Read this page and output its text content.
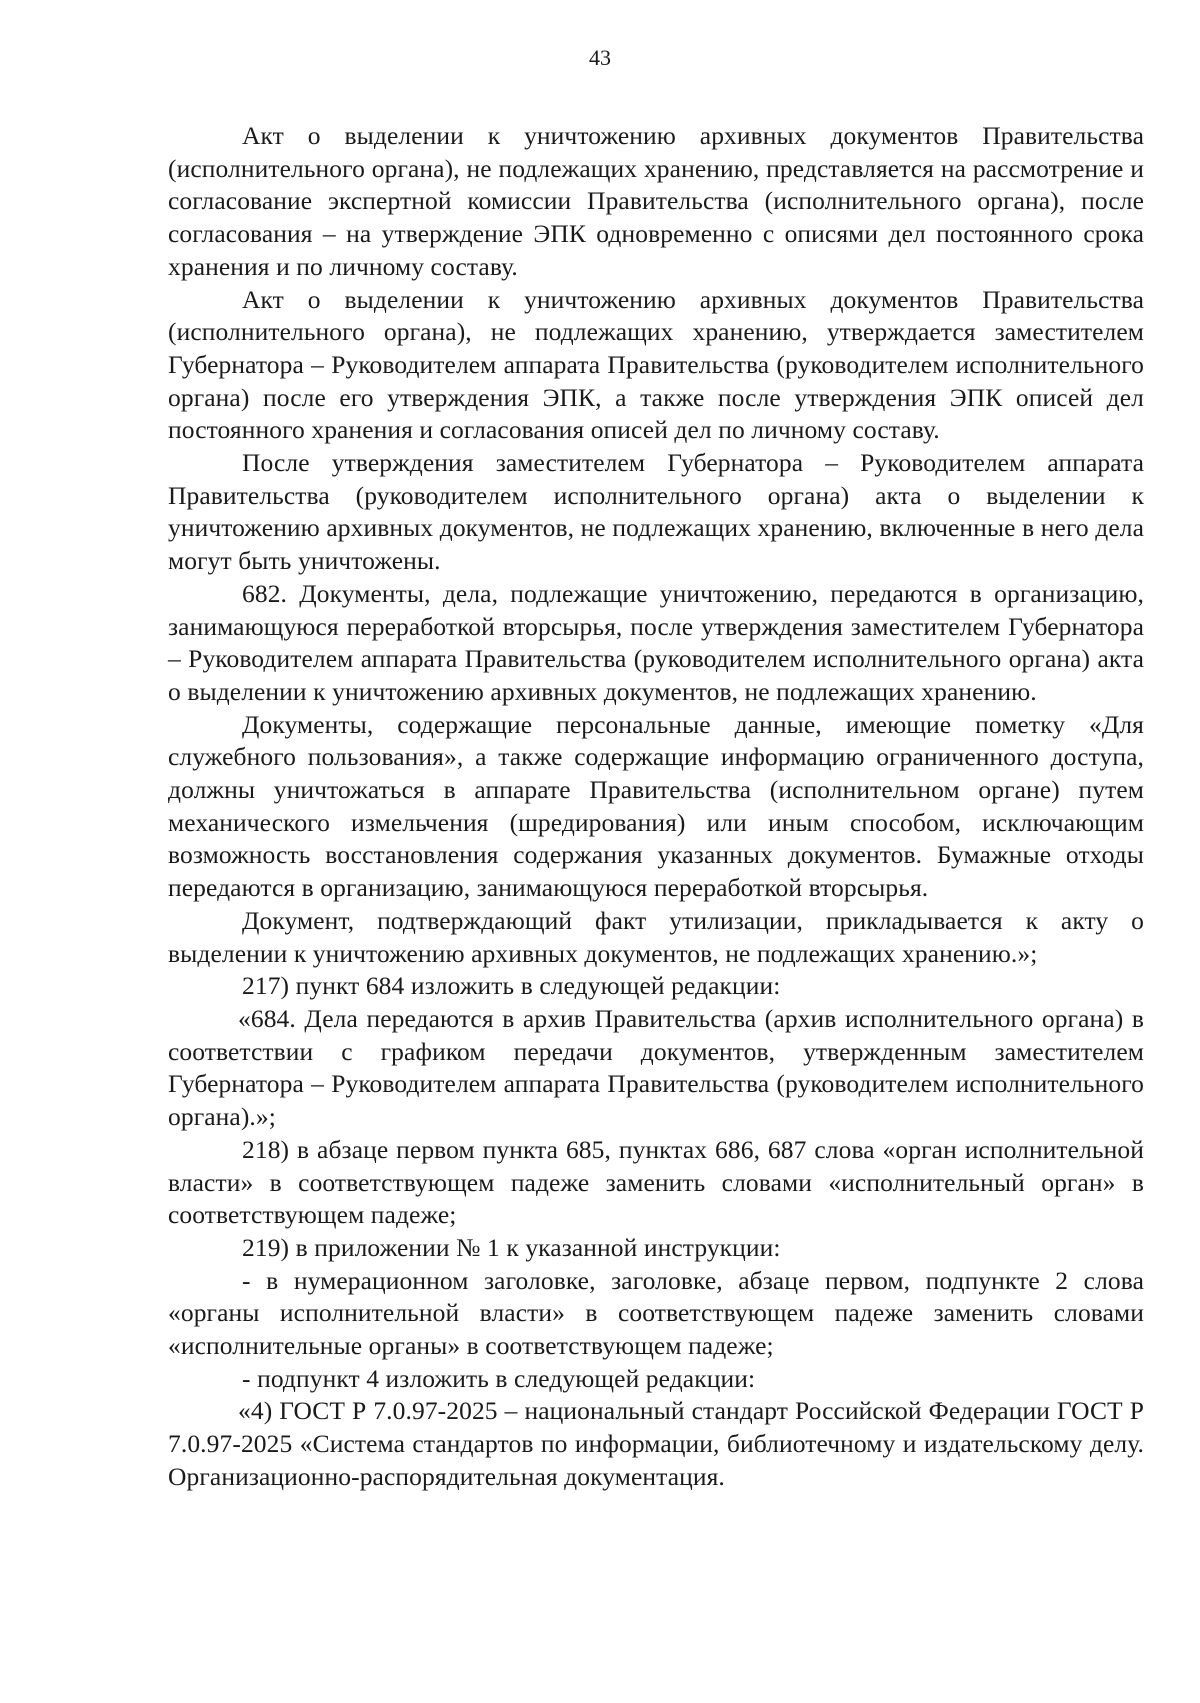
43

Акт о выделении к уничтожению архивных документов Правительства (исполнительного органа), не подлежащих хранению, представляется на рассмотрение и согласование экспертной комиссии Правительства (исполнительного органа), после согласования – на утверждение ЭПК одновременно с описями дел постоянного срока хранения и по личному составу.

Акт о выделении к уничтожению архивных документов Правительства (исполнительного органа), не подлежащих хранению, утверждается заместителем Губернатора – Руководителем аппарата Правительства (руководителем исполнительного органа) после его утверждения ЭПК, а также после утверждения ЭПК описей дел постоянного хранения и согласования описей дел по личному составу.

После утверждения заместителем Губернатора – Руководителем аппарата Правительства (руководителем исполнительного органа) акта о выделении к уничтожению архивных документов, не подлежащих хранению, включенные в него дела могут быть уничтожены.

682. Документы, дела, подлежащие уничтожению, передаются в организацию, занимающуюся переработкой вторсырья, после утверждения заместителем Губернатора – Руководителем аппарата Правительства (руководителем исполнительного органа) акта о выделении к уничтожению архивных документов, не подлежащих хранению.

Документы, содержащие персональные данные, имеющие пометку «Для служебного пользования», а также содержащие информацию ограниченного доступа, должны уничтожаться в аппарате Правительства (исполнительном органе) путем механического измельчения (шредирования) или иным способом, исключающим возможность восстановления содержания указанных документов. Бумажные отходы передаются в организацию, занимающуюся переработкой вторсырья.

Документ, подтверждающий факт утилизации, прикладывается к акту о выделении к уничтожению архивных документов, не подлежащих хранению.»;

217) пункт 684 изложить в следующей редакции:

«684. Дела передаются в архив Правительства (архив исполнительного органа) в соответствии с графиком передачи документов, утвержденным заместителем Губернатора – Руководителем аппарата Правительства (руководителем исполнительного органа).»;

218) в абзаце первом пункта 685, пунктах 686, 687 слова «орган исполнительной власти» в соответствующем падеже заменить словами «исполнительный орган» в соответствующем падеже;

219) в приложении № 1 к указанной инструкции:

- в нумерационном заголовке, заголовке, абзаце первом, подпункте 2 слова «органы исполнительной власти» в соответствующем падеже заменить словами «исполнительные органы» в соответствующем падеже;

- подпункт 4 изложить в следующей редакции:

«4) ГОСТ Р 7.0.97-2025 – национальный стандарт Российской Федерации ГОСТ Р 7.0.97-2025 «Система стандартов по информации, библиотечному и издательскому делу. Организационно-распорядительная документация.
